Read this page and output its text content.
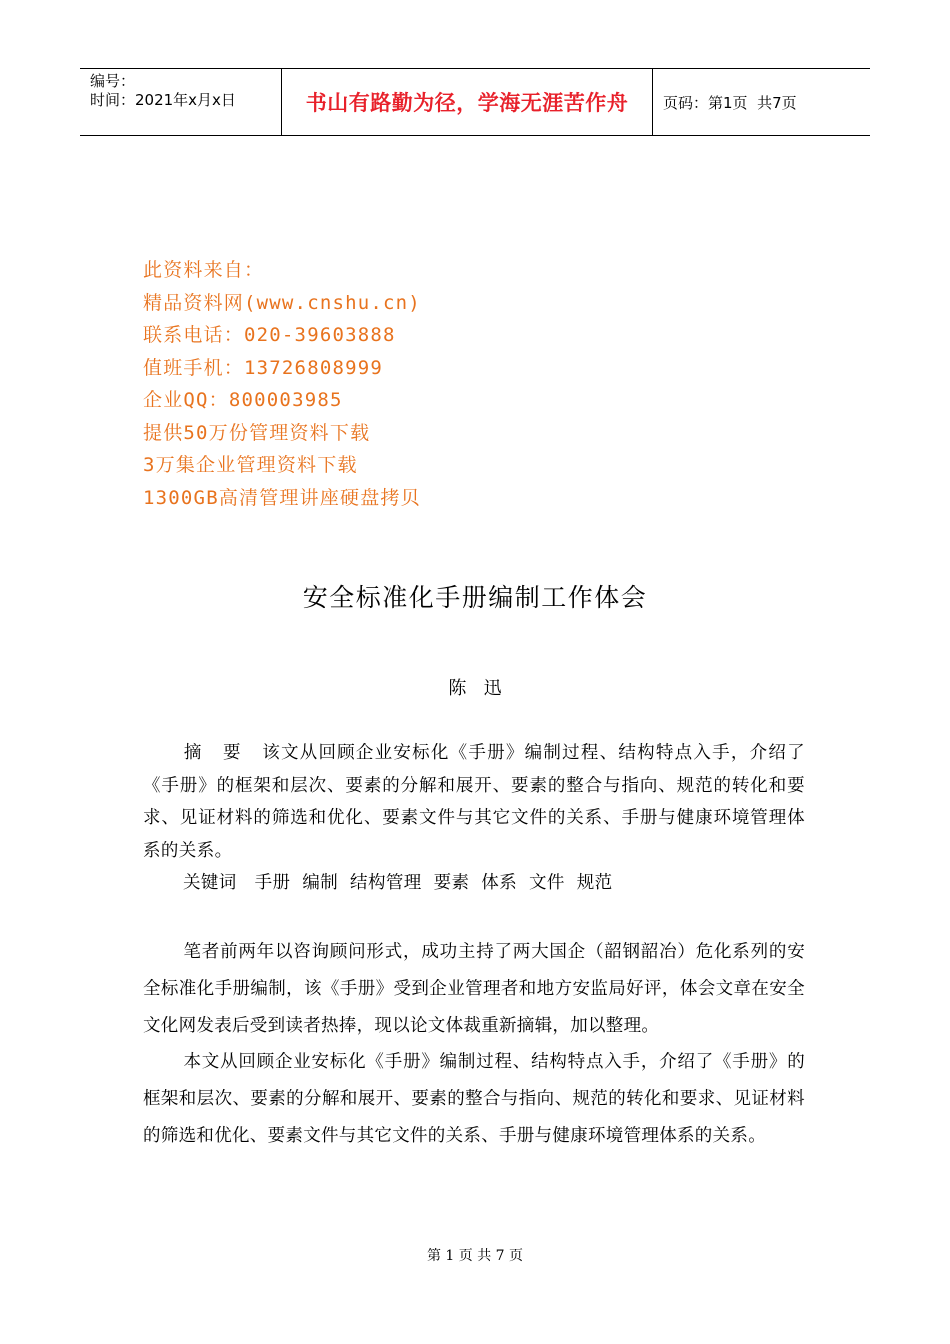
编号：
时间：2021年x月x日	书山有路勤为径，学海无涯苦作舟	页码：第1页  共7页
此资料来自：
精品资料网(www.cnshu.cn)
联系电话：020-39603888
值班手机：13726808999
企业QQ：800003985
提供50万份管理资料下载
3万集企业管理资料下载
1300GB高清管理讲座硬盘拷贝
安全标准化手册编制工作体会
陈   迅
摘   要 该文从回顾企业安标化《手册》编制过程、结构特点入手，介绍了《手册》的框架和层次、要素的分解和展开、要素的整合与指向、规范的转化和要求、见证材料的筛选和优化、要素文件与其它文件的关系、手册与健康环境管理体系的关系。
关键词 手册  编制  结构管理  要素  体系  文件  规范
笔者前两年以咨询顾问形式，成功主持了两大国企（韶钢韶冶）危化系列的安全标准化手册编制，该《手册》受到企业管理者和地方安监局好评，体会文章在安全文化网发表后受到读者热捧，现以论文体裁重新摘辑，加以整理。
本文从回顾企业安标化《手册》编制过程、结构特点入手，介绍了《手册》的框架和层次、要素的分解和展开、要素的整合与指向、规范的转化和要求、见证材料的筛选和优化、要素文件与其它文件的关系、手册与健康环境管理体系的关系。
第 1 页 共 7 页
